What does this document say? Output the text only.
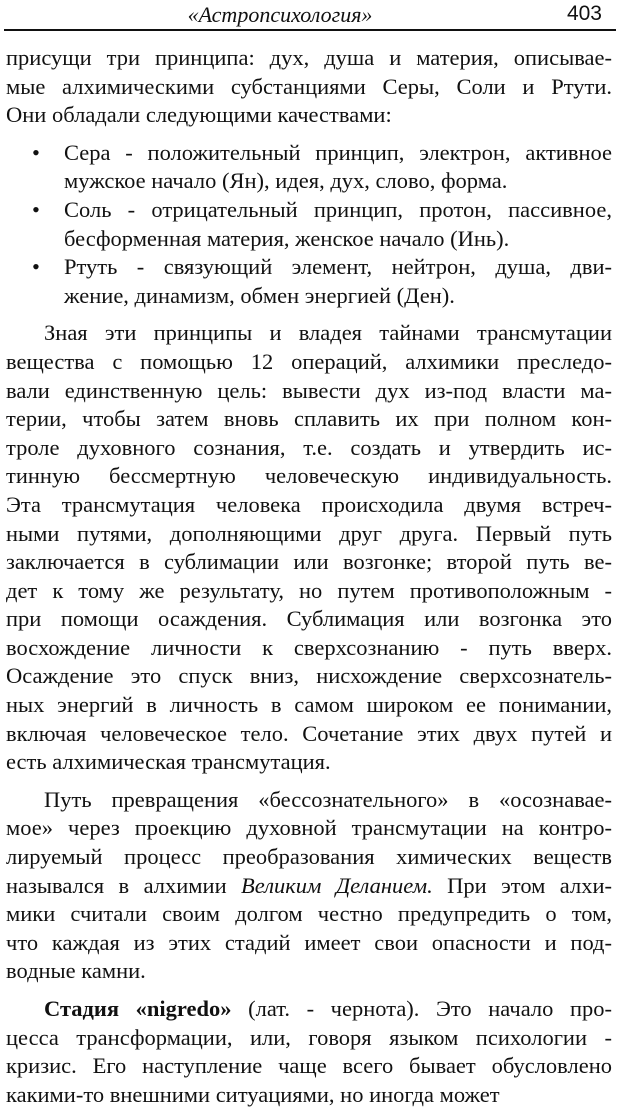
«Астропсихология»	403

присущи три принципа: дух, душа и материя, описывае-
мые алхимическими субстанциями Серы, Соли и Ртути.
Они обладали следующими качествами:

• Сера - положительный принцип, электрон, активное
мужское начало (Ян), идея, дух, слово, форма.
• Соль - отрицательный принцип, протон, пассивное,
бесформенная материя, женское начало (Инь).
• Ртуть - связующий элемент, нейтрон, душа, дви-
жение, динамизм, обмен энергией (Ден).

Зная эти принципы и владея тайнами трансмутации
вещества с помощью 12 операций, алхимики преследо-
вали единственную цель: вывести дух из-под власти ма-
терии, чтобы затем вновь сплавить их при полном кон-
троле духовного сознания, т.е. создать и утвердить ис-
тинную бессмертную человеческую индивидуальность.
Эта трансмутация человека происходила двумя встреч-
ными путями, дополняющими друг друга. Первый путь
заключается в сублимации или возгонке; второй путь ве-
дет к тому же результату, но путем противоположным -
при помощи осаждения. Сублимация или возгонка это
восхождение личности к сверхсознанию - путь вверх.
Осаждение это спуск вниз, нисхождение сверхсознатель-
ных энергий в личность в самом широком ее понимании,
включая человеческое тело. Сочетание этих двух путей и
есть алхимическая трансмутация.

Путь превращения «бессознательного» в «осознавае-
мое» через проекцию духовной трансмутации на контро-
лируемый процесс преобразования химических веществ
назывался в алхимии Великим Деланием. При этом алхи-
мики считали своим долгом честно предупредить о том,
что каждая из этих стадий имеет свои опасности и под-
водные камни.

Стадия «nigredo» (лат. - чернота). Это начало про-
цесса трансформации, или, говоря языком психологии -
кризис. Его наступление чаще всего бывает обусловлено
какими-то внешними ситуациями, но иногда может
